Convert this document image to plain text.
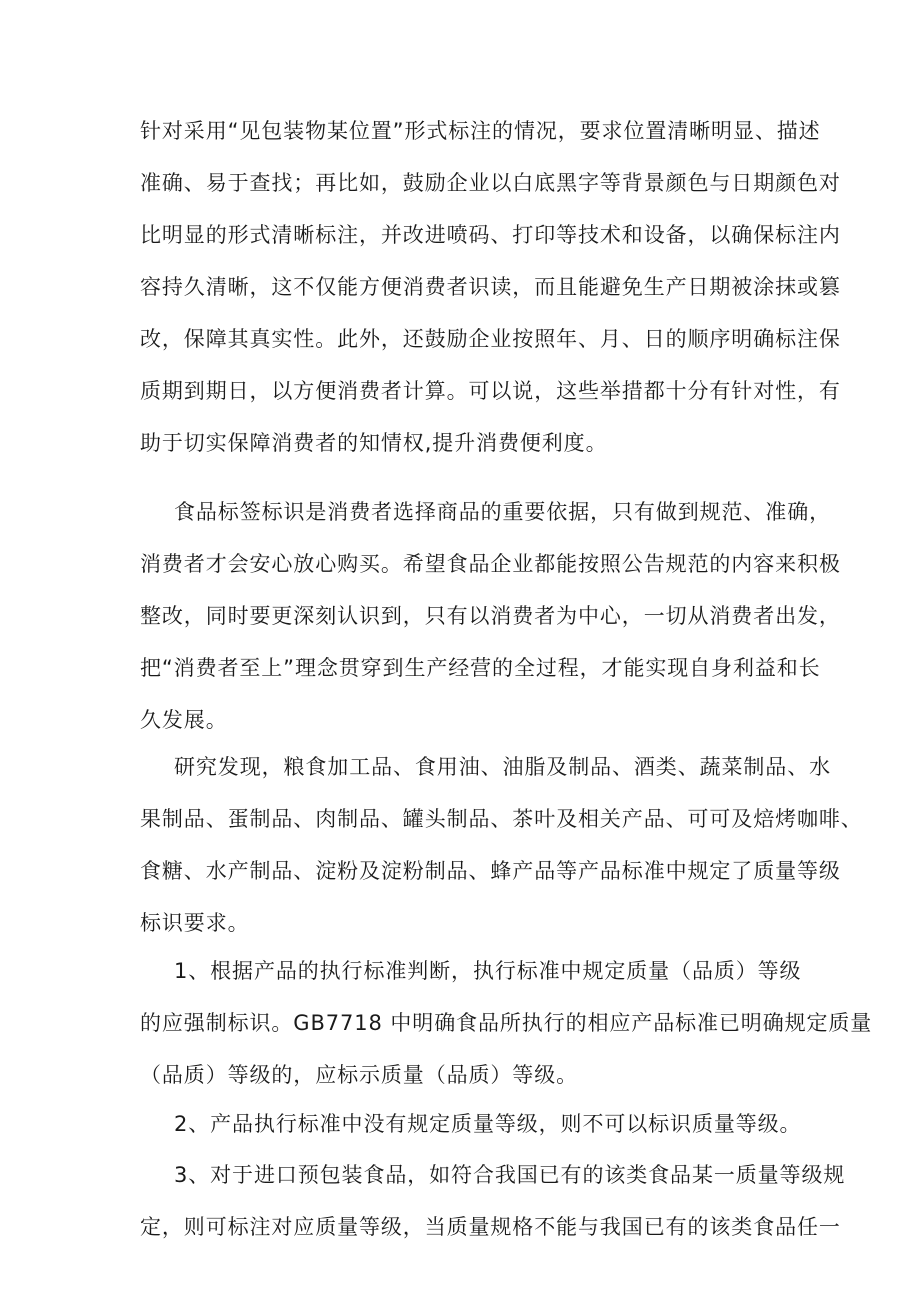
针对采用“见包装物某位置”形式标注的情况，要求位置清晰明显、描述

准确、易于查找；再比如，鼓励企业以白底黑字等背景颜色与日期颜色对

比明显的形式清晰标注，并改进喷码、打印等技术和设备，以确保标注内

容持久清晰，这不仅能方便消费者识读，而且能避免生产日期被涂抹或篡

改，保障其真实性。此外，还鼓励企业按照年、月、日的顺序明确标注保

质期到期日，以方便消费者计算。可以说，这些举措都十分有针对性，有

助于切实保障消费者的知情权,提升消费便利度。

食品标签标识是消费者选择商品的重要依据，只有做到规范、准确，

消费者才会安心放心购买。希望食品企业都能按照公告规范的内容来积极

整改，同时要更深刻认识到，只有以消费者为中心，一切从消费者出发，

把“消费者至上”理念贯穿到生产经营的全过程，才能实现自身利益和长

久发展。

研究发现，粮食加工品、食用油、油脂及制品、酒类、蔬菜制品、水

果制品、蛋制品、肉制品、罐头制品、茶叶及相关产品、可可及焙烤咖啡、

食糖、水产制品、淀粉及淀粉制品、蜂产品等产品标准中规定了质量等级

标识要求。

1、根据产品的执行标准判断，执行标准中规定质量（品质）等级

的应强制标识。GB7718 中明确食品所执行的相应产品标准已明确规定质量

（品质）等级的，应标示质量（品质）等级。

2、产品执行标准中没有规定质量等级，则不可以标识质量等级。

3、对于进口预包装食品，如符合我国已有的该类食品某一质量等级规

定，则可标注对应质量等级，当质量规格不能与我国已有的该类食品任一
